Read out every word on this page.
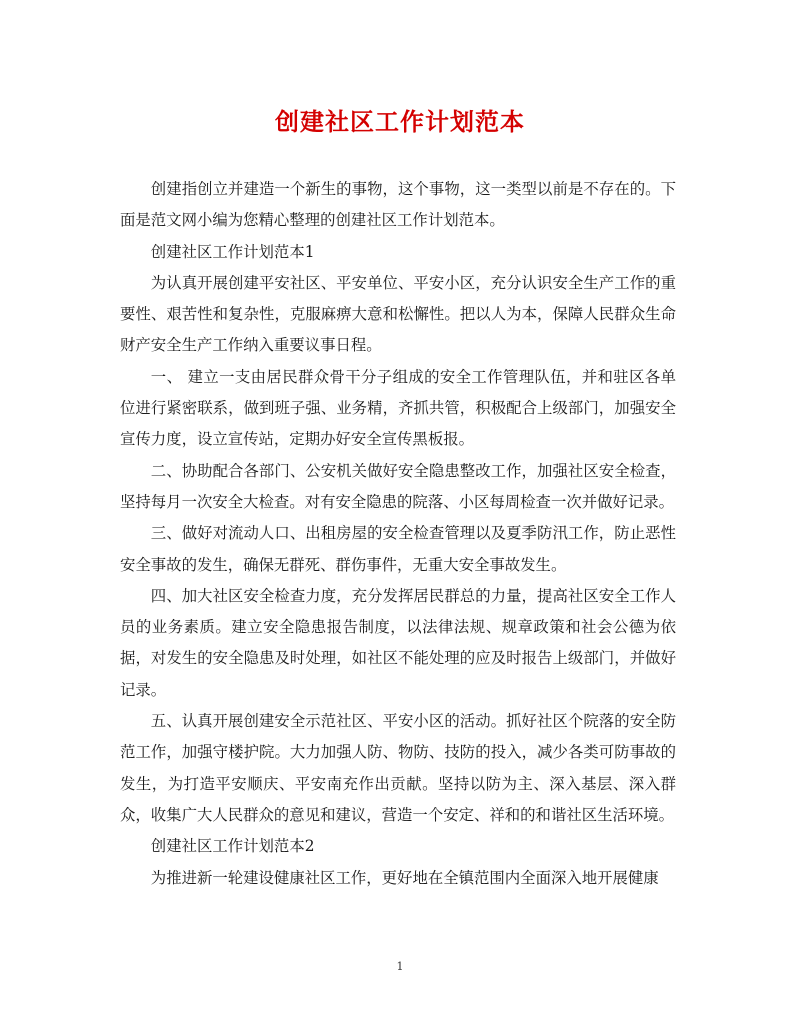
创建社区工作计划范本

创建指创立并建造一个新生的事物，这个事物，这一类型以前是不存在的。下面是范文网小编为您精心整理的创建社区工作计划范本。

创建社区工作计划范本1

为认真开展创建平安社区、平安单位、平安小区，充分认识安全生产工作的重要性、艰苦性和复杂性，克服麻痹大意和松懈性。把以人为本，保障人民群众生命财产安全生产工作纳入重要议事日程。

一、 建立一支由居民群众骨干分子组成的安全工作管理队伍，并和驻区各单位进行紧密联系，做到班子强、业务精，齐抓共管，积极配合上级部门，加强安全宣传力度，设立宣传站，定期办好安全宣传黑板报。

二、协助配合各部门、公安机关做好安全隐患整改工作，加强社区安全检查，坚持每月一次安全大检查。对有安全隐患的院落、小区每周检查一次并做好记录。

三、做好对流动人口、出租房屋的安全检查管理以及夏季防汛工作，防止恶性安全事故的发生，确保无群死、群伤事件，无重大安全事故发生。

四、加大社区安全检查力度，充分发挥居民群总的力量，提高社区安全工作人员的业务素质。建立安全隐患报告制度，以法律法规、规章政策和社会公德为依据，对发生的安全隐患及时处理，如社区不能处理的应及时报告上级部门，并做好记录。

五、认真开展创建安全示范社区、平安小区的活动。抓好社区个院落的安全防范工作，加强守楼护院。大力加强人防、物防、技防的投入，减少各类可防事故的发生，为打造平安顺庆、平安南充作出贡献。坚持以防为主、深入基层、深入群众，收集广大人民群众的意见和建议，营造一个安定、祥和的和谐社区生活环境。

创建社区工作计划范本2

为推进新一轮建设健康社区工作，更好地在全镇范围内全面深入地开展健康

1
